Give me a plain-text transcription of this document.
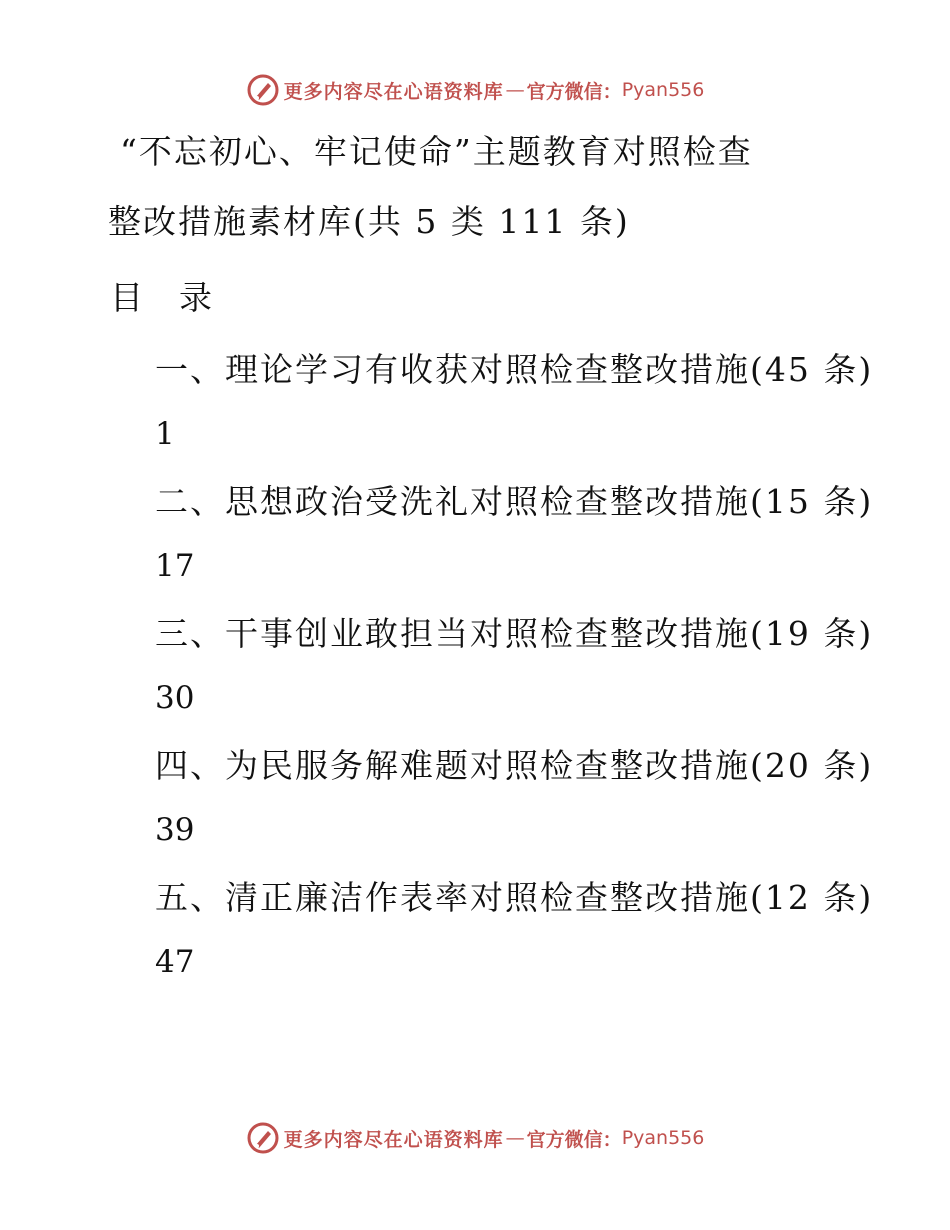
更多内容尽在心语资料库 — 官方微信： Pyan556
“不忘初心、牢记使命”主题教育对照检查
整改措施素材库(共 5 类 111 条)
目 录
一、理论学习有收获对照检查整改措施(45 条)
1
二、思想政治受洗礼对照检查整改措施(15 条)
17
三、干事创业敢担当对照检查整改措施(19 条)
30
四、为民服务解难题对照检查整改措施(20 条)
39
五、清正廉洁作表率对照检查整改措施(12 条)
47
更多内容尽在心语资料库 — 官方微信： Pyan556
